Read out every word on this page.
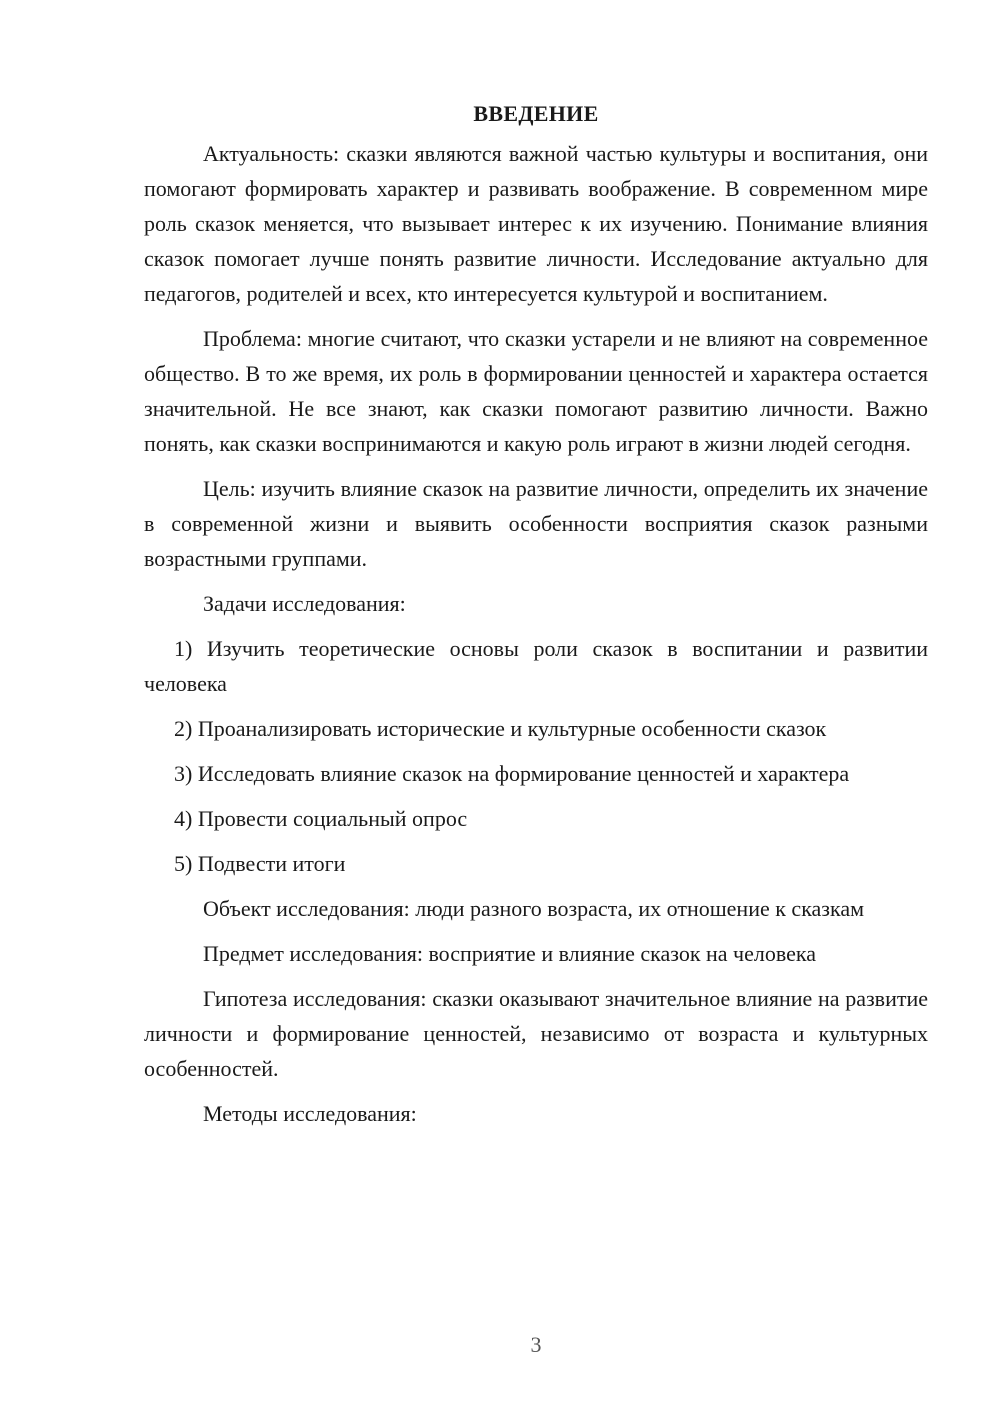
ВВЕДЕНИЕ

Актуальность: сказки являются важной частью культуры и воспитания, они помогают формировать характер и развивать воображение. В современном мире роль сказок меняется, что вызывает интерес к их изучению. Понимание влияния сказок помогает лучше понять развитие личности. Исследование актуально для педагогов, родителей и всех, кто интересуется культурой и воспитанием.

Проблема: многие считают, что сказки устарели и не влияют на современное общество. В то же время, их роль в формировании ценностей и характера остается значительной. Не все знают, как сказки помогают развитию личности. Важно понять, как сказки воспринимаются и какую роль играют в жизни людей сегодня.

Цель: изучить влияние сказок на развитие личности, определить их значение в современной жизни и выявить особенности восприятия сказок разными возрастными группами.

Задачи исследования:

1) Изучить теоретические основы роли сказок в воспитании и развитии человека

2) Проанализировать исторические и культурные особенности сказок

3) Исследовать влияние сказок на формирование ценностей и характера

4) Провести социальный опрос

5) Подвести итоги

Объект исследования: люди разного возраста, их отношение к сказкам

Предмет исследования: восприятие и влияние сказок на человека

Гипотеза исследования: сказки оказывают значительное влияние на развитие личности и формирование ценностей, независимо от возраста и культурных особенностей.

Методы исследования:

3
